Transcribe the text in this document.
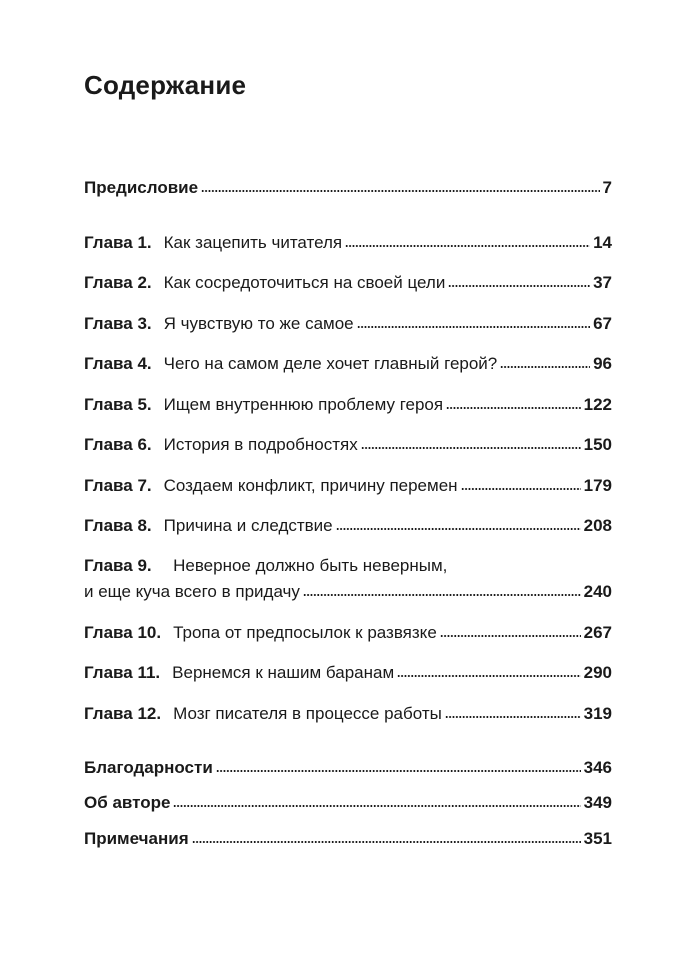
Содержание
Предисловие	7
Глава 1. Как зацепить читателя	14
Глава 2. Как сосредоточиться на своей цели	37
Глава 3. Я чувствую то же самое	67
Глава 4. Чего на самом деле хочет главный герой?	96
Глава 5. Ищем внутреннюю проблему героя	122
Глава 6. История в подробностях	150
Глава 7. Создаем конфликт, причину перемен	179
Глава 8. Причина и следствие	208
Глава 9. Неверное должно быть неверным,
и еще куча всего в придачу	240
Глава 10. Тропа от предпосылок к развязке	267
Глава 11. Вернемся к нашим баранам	290
Глава 12. Мозг писателя в процессе работы	319
Благодарности	346
Об авторе	349
Примечания	351
